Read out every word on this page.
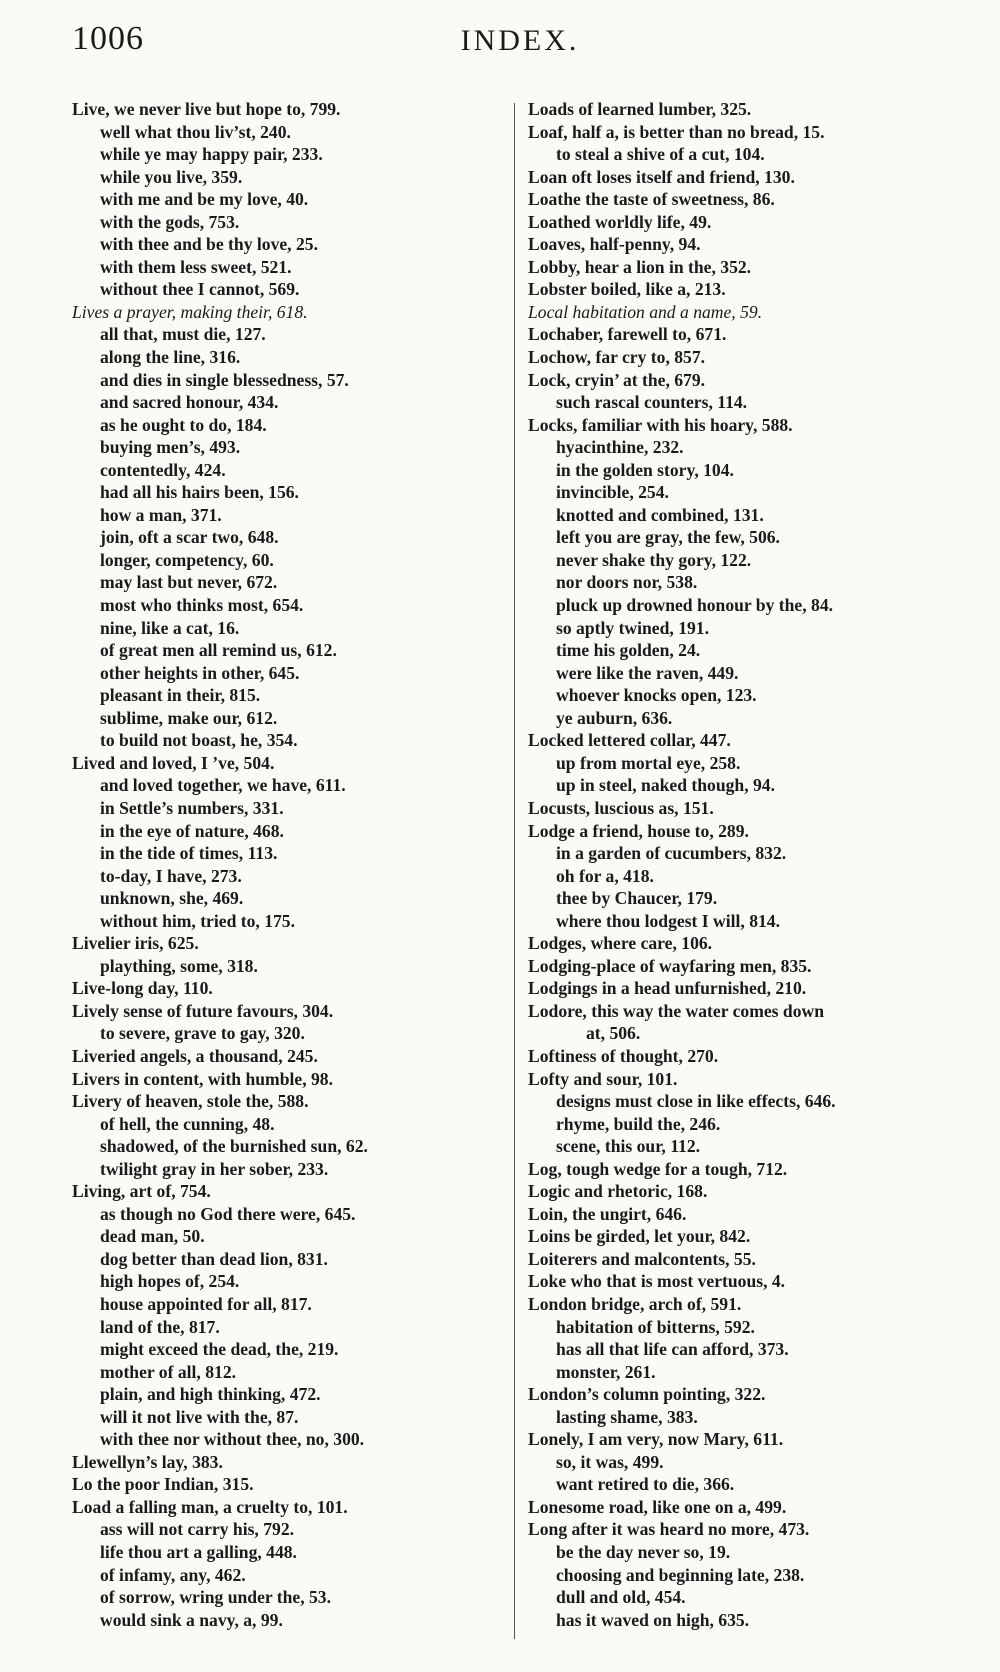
1006	INDEX.
Live, we never live but hope to, 799.
well what thou liv’st, 240.
while ye may happy pair, 233.
while you live, 359.
with me and be my love, 40.
with the gods, 753.
with thee and be thy love, 25.
with them less sweet, 521.
without thee I cannot, 569.
Lives a prayer, making their, 618.
all that, must die, 127.
along the line, 316.
and dies in single blessedness, 57.
and sacred honour, 434.
as he ought to do, 184.
buying men’s, 493.
contentedly, 424.
had all his hairs been, 156.
how a man, 371.
join, oft a scar two, 648.
longer, competency, 60.
may last but never, 672.
most who thinks most, 654.
nine, like a cat, 16.
of great men all remind us, 612.
other heights in other, 645.
pleasant in their, 815.
sublime, make our, 612.
to build not boast, he, 354.
Lived and loved, I ’ve, 504.
and loved together, we have, 611.
in Settle’s numbers, 331.
in the eye of nature, 468.
in the tide of times, 113.
to-day, I have, 273.
unknown, she, 469.
without him, tried to, 175.
Livelier iris, 625.
plaything, some, 318.
Live-long day, 110.
Lively sense of future favours, 304.
to severe, grave to gay, 320.
Liveried angels, a thousand, 245.
Livers in content, with humble, 98.
Livery of heaven, stole the, 588.
of hell, the cunning, 48.
shadowed, of the burnished sun, 62.
twilight gray in her sober, 233.
Living, art of, 754.
as though no God there were, 645.
dead man, 50.
dog better than dead lion, 831.
high hopes of, 254.
house appointed for all, 817.
land of the, 817.
might exceed the dead, the, 219.
mother of all, 812.
plain, and high thinking, 472.
will it not live with the, 87.
with thee nor without thee, no, 300.
Llewellyn’s lay, 383.
Lo the poor Indian, 315.
Load a falling man, a cruelty to, 101.
ass will not carry his, 792.
life thou art a galling, 448.
of infamy, any, 462.
of sorrow, wring under the, 53.
would sink a navy, a, 99.
Loads of learned lumber, 325.
Loaf, half a, is better than no bread, 15.
to steal a shive of a cut, 104.
Loan oft loses itself and friend, 130.
Loathe the taste of sweetness, 86.
Loathed worldly life, 49.
Loaves, half-penny, 94.
Lobby, hear a lion in the, 352.
Lobster boiled, like a, 213.
Local habitation and a name, 59.
Lochaber, farewell to, 671.
Lochow, far cry to, 857.
Lock, cryin’ at the, 679.
such rascal counters, 114.
Locks, familiar with his hoary, 588.
hyacinthine, 232.
in the golden story, 104.
invincible, 254.
knotted and combined, 131.
left you are gray, the few, 506.
never shake thy gory, 122.
nor doors nor, 538.
pluck up drowned honour by the, 84.
so aptly twined, 191.
time his golden, 24.
were like the raven, 449.
whoever knocks open, 123.
ye auburn, 636.
Locked lettered collar, 447.
up from mortal eye, 258.
up in steel, naked though, 94.
Locusts, luscious as, 151.
Lodge a friend, house to, 289.
in a garden of cucumbers, 832.
oh for a, 418.
thee by Chaucer, 179.
where thou lodgest I will, 814.
Lodges, where care, 106.
Lodging-place of wayfaring men, 835.
Lodgings in a head unfurnished, 210.
Lodore, this way the water comes down
at, 506.
Loftiness of thought, 270.
Lofty and sour, 101.
designs must close in like effects, 646.
rhyme, build the, 246.
scene, this our, 112.
Log, tough wedge for a tough, 712.
Logic and rhetoric, 168.
Loin, the ungirt, 646.
Loins be girded, let your, 842.
Loiterers and malcontents, 55.
Loke who that is most vertuous, 4.
London bridge, arch of, 591.
habitation of bitterns, 592.
has all that life can afford, 373.
monster, 261.
London’s column pointing, 322.
lasting shame, 383.
Lonely, I am very, now Mary, 611.
so, it was, 499.
want retired to die, 366.
Lonesome road, like one on a, 499.
Long after it was heard no more, 473.
be the day never so, 19.
choosing and beginning late, 238.
dull and old, 454.
has it waved on high, 635.
